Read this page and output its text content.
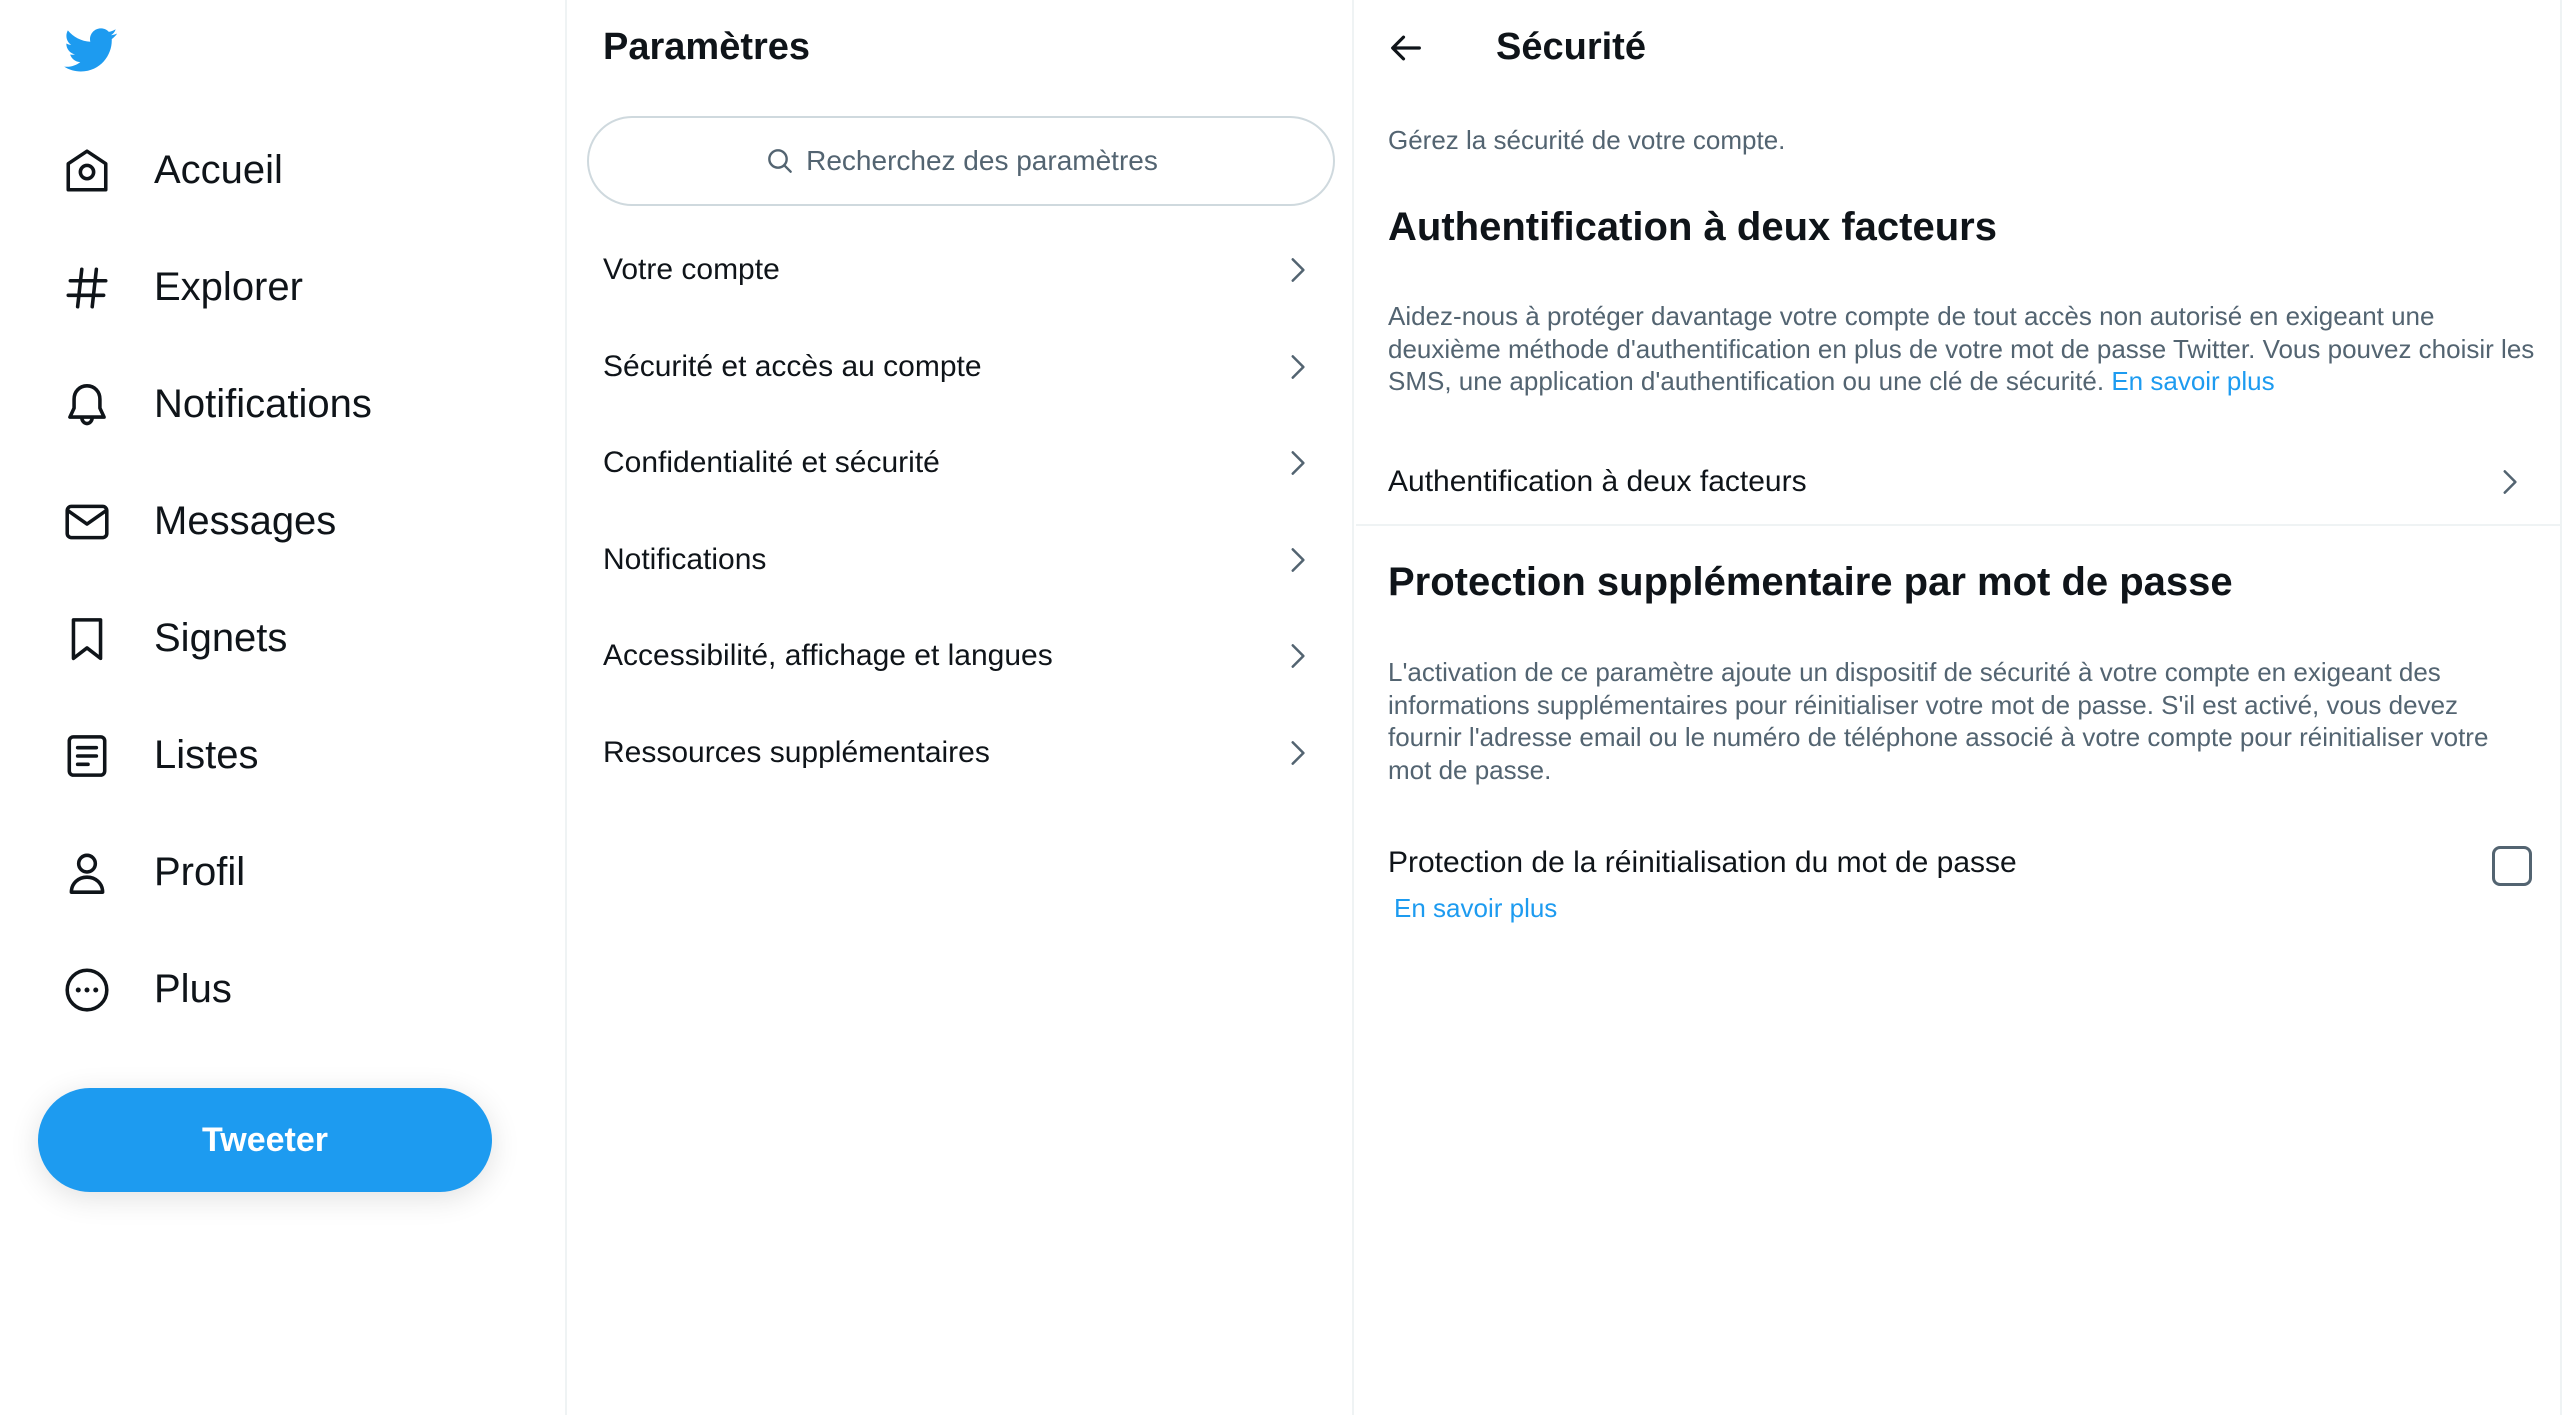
Accueil
Explorer
Notifications
Messages
Signets
Listes
Profil
Plus
Tweeter
Paramètres
Recherchez des paramètres
Votre compte
Sécurité et accès au compte
Confidentialité et sécurité
Notifications
Accessibilité, affichage et langues
Ressources supplémentaires
Sécurité

Gérez la sécurité de votre compte.

Authentification à deux facteurs

Aidez-nous à protéger davantage votre compte de tout accès non autorisé en exigeant une deuxième méthode d'authentification en plus de votre mot de passe Twitter. Vous pouvez choisir les SMS, une application d'authentification ou une clé de sécurité. En savoir plus

Authentification à deux facteurs
Protection supplémentaire par mot de passe

L'activation de ce paramètre ajoute un dispositif de sécurité à votre compte en exigeant des informations supplémentaires pour réinitialiser votre mot de passe. S'il est activé, vous devez fournir l'adresse email ou le numéro de téléphone associé à votre compte pour réinitialiser votre mot de passe.

Protection de la réinitialisation du mot de passe
En savoir plus
